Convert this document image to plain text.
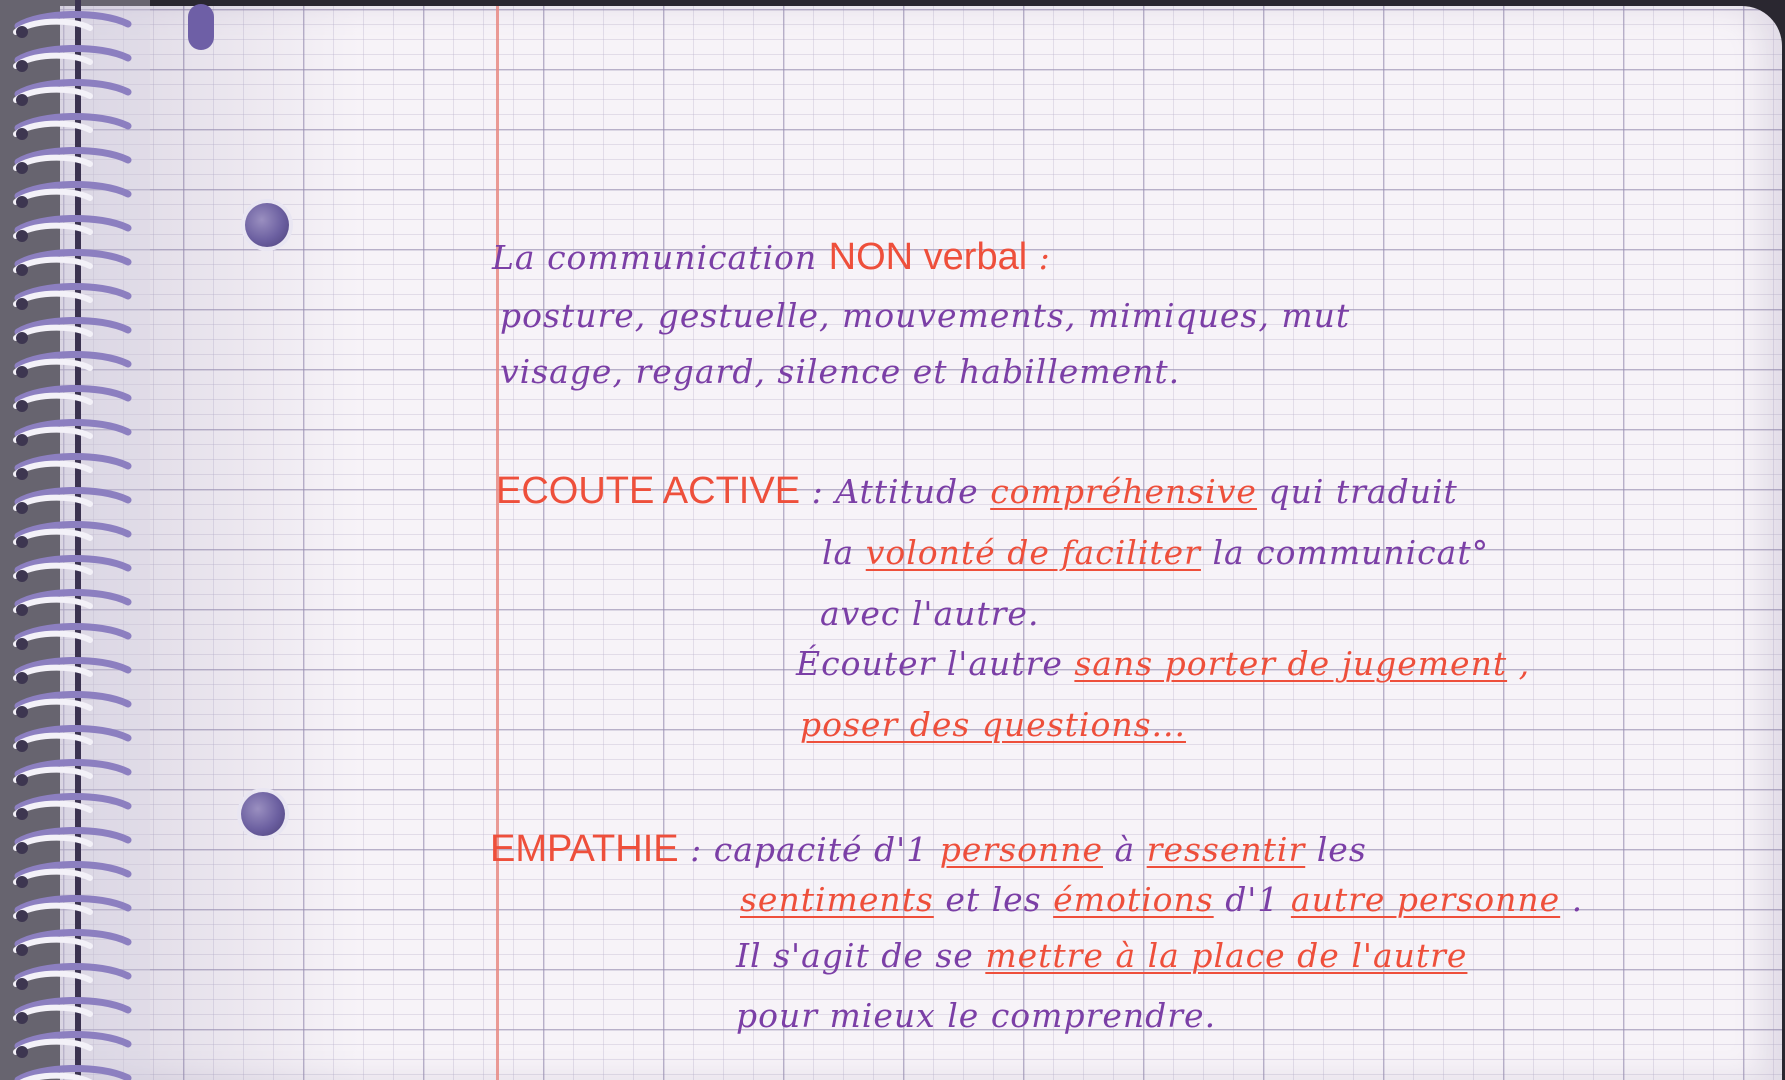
La communication NON verbal :
posture, gestuelle, mouvements, mimiques, mut
visage, regard, silence et habillement.
ECOUTE ACTIVE : Attitude compréhensive qui traduit
la volonté de faciliter la communicat°
avec l'autre.
Écouter l'autre sans porter de jugement ,
poser des questions...
EMPATHIE : capacité d'1 personne à ressentir les
sentiments et les émotions d'1 autre personne .
Il s'agit de se mettre à la place de l'autre
pour mieux le comprendre.
